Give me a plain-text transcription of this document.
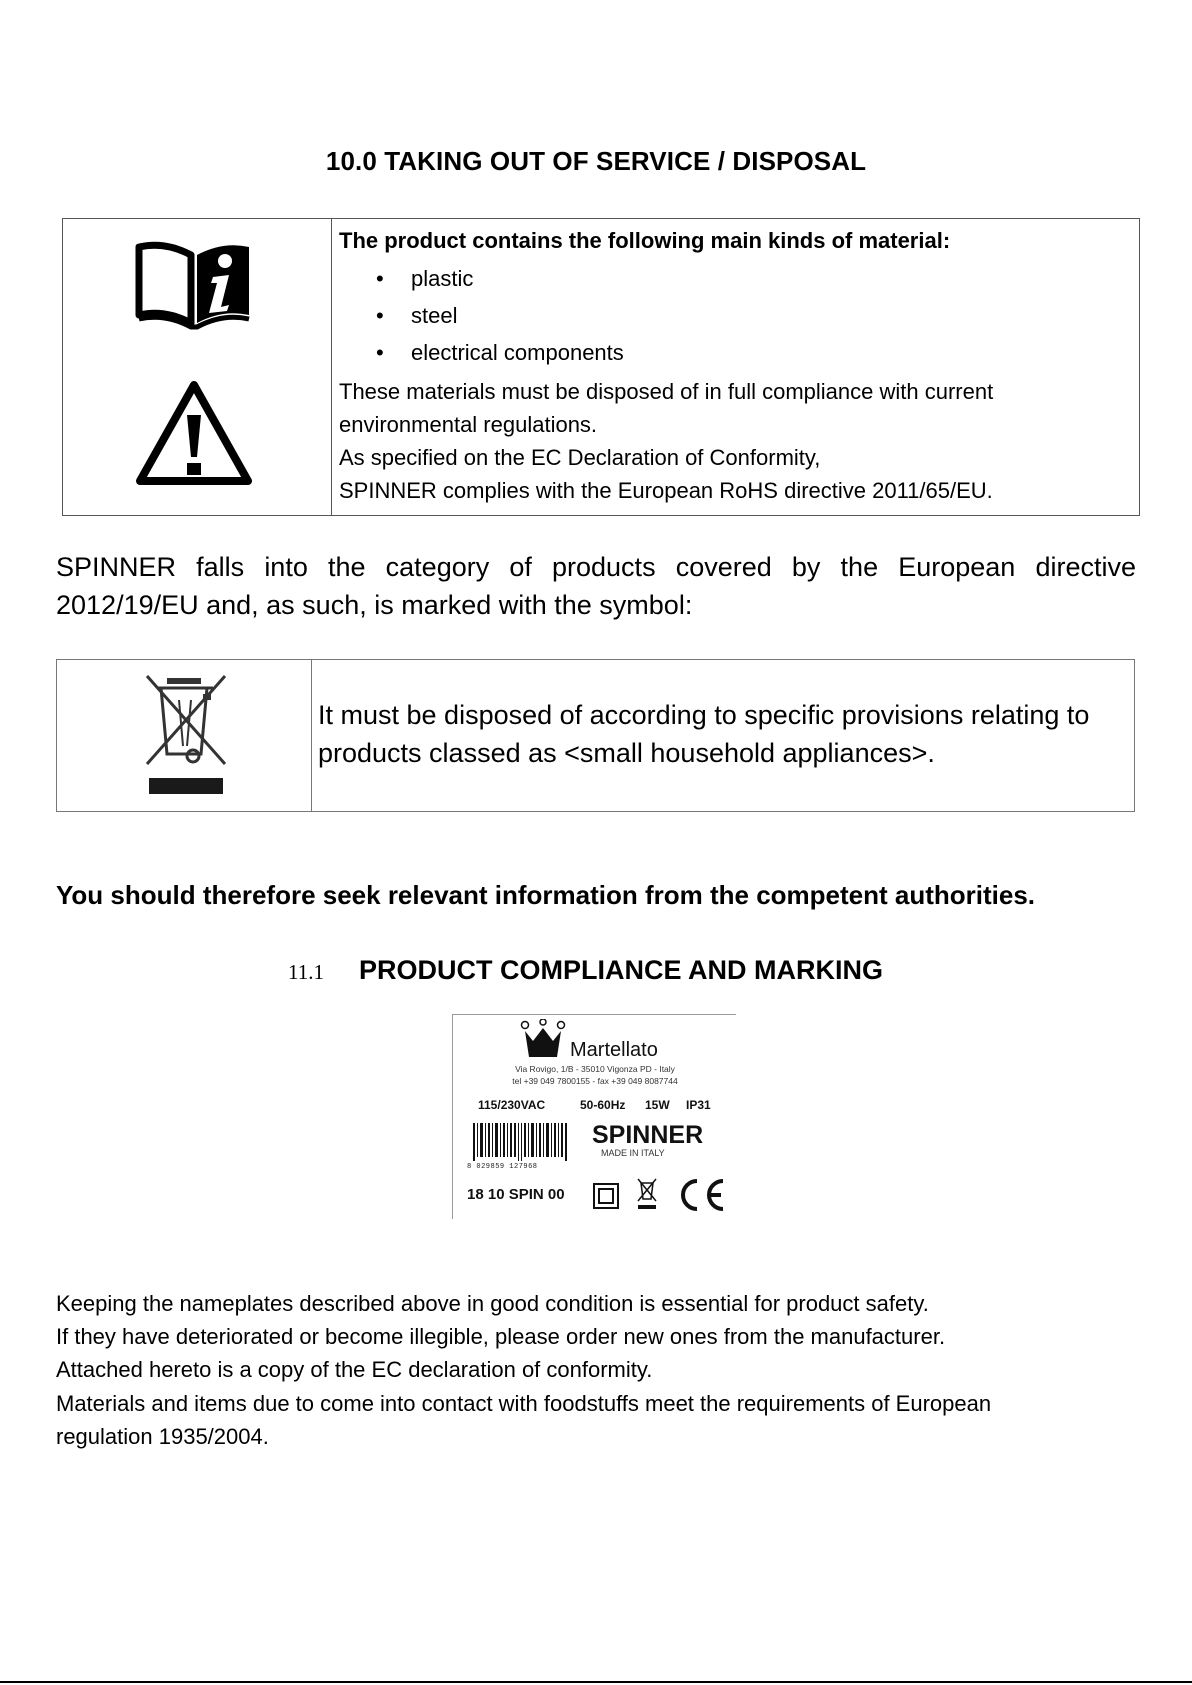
10.0 TAKING OUT OF SERVICE / DISPOSAL
The product contains the following main kinds of material:
• plastic
• steel
• electrical components
These materials must be disposed of in full compliance with current
environmental regulations.
As specified on the EC Declaration of Conformity,
SPINNER complies with the European RoHS directive 2011/65/EU.
SPINNER falls into the category of products covered by the European directive 2012/19/EU and, as such, is marked with the symbol:
It must be disposed of according to specific provisions relating to products classed as <small household appliances>.
You should therefore seek relevant information from the competent authorities.
11.1 PRODUCT COMPLIANCE AND MARKING
Martellato
Via Rovigo, 1/B - 35010 Vigonza PD - Italy
tel +39 049 7800155 - fax +39 049 8087744
115/230VAC	50-60Hz 15W IP31
8 029859 127968
SPINNER
MADE IN ITALY
18 10 SPIN 00
Keeping the nameplates described above in good condition is essential for product safety.
If they have deteriorated or become illegible, please order new ones from the manufacturer.
Attached hereto is a copy of the EC declaration of conformity.
Materials and items due to come into contact with foodstuffs meet the requirements of European
regulation 1935/2004.
